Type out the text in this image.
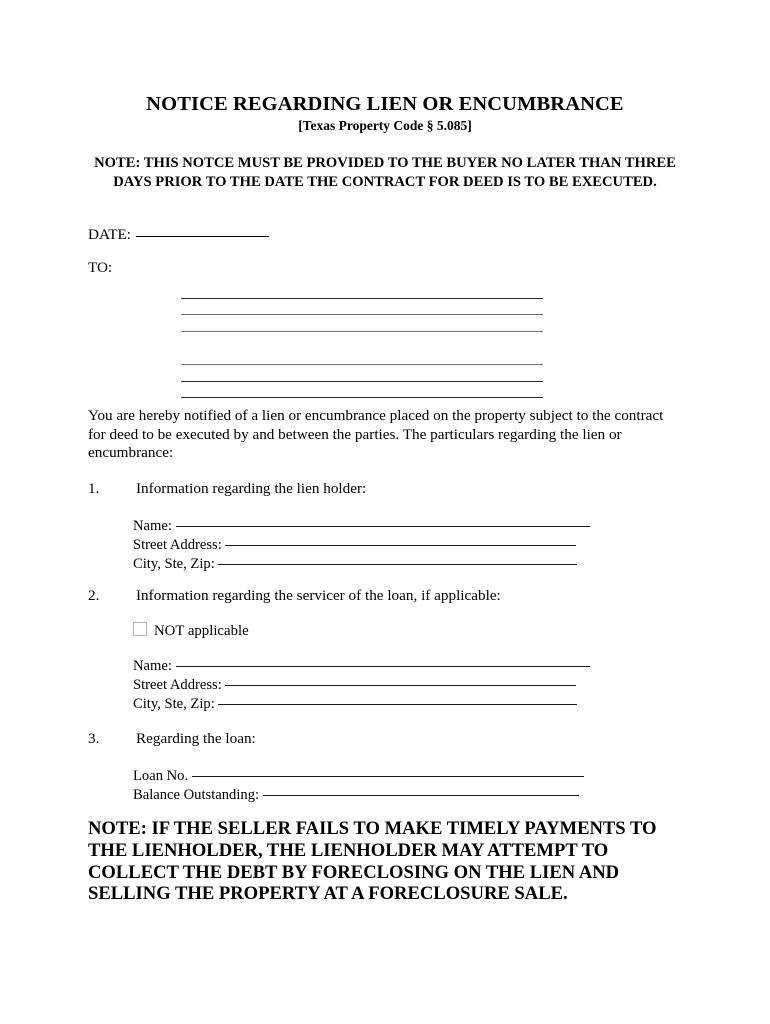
NOTICE REGARDING LIEN OR ENCUMBRANCE
[Texas Property Code § 5.085]
NOTE: THIS NOTCE MUST BE PROVIDED TO THE BUYER NO LATER THAN THREE DAYS PRIOR TO THE DATE THE CONTRACT FOR DEED IS TO BE EXECUTED.
DATE:
TO:
You are hereby notified of a lien or encumbrance placed on the property subject to the contract for deed to be executed by and between the parties. The particulars regarding the lien or encumbrance:
1. Information regarding the lien holder:
Name:
Street Address:
City, Ste, Zip:
2. Information regarding the servicer of the loan, if applicable:
NOT applicable
Name:
Street Address:
City, Ste, Zip:
3. Regarding the loan:
Loan No.
Balance Outstanding:
NOTE: IF THE SELLER FAILS TO MAKE TIMELY PAYMENTS TO THE LIENHOLDER, THE LIENHOLDER MAY ATTEMPT TO COLLECT THE DEBT BY FORECLOSING ON THE LIEN AND SELLING THE PROPERTY AT A FORECLOSURE SALE.
